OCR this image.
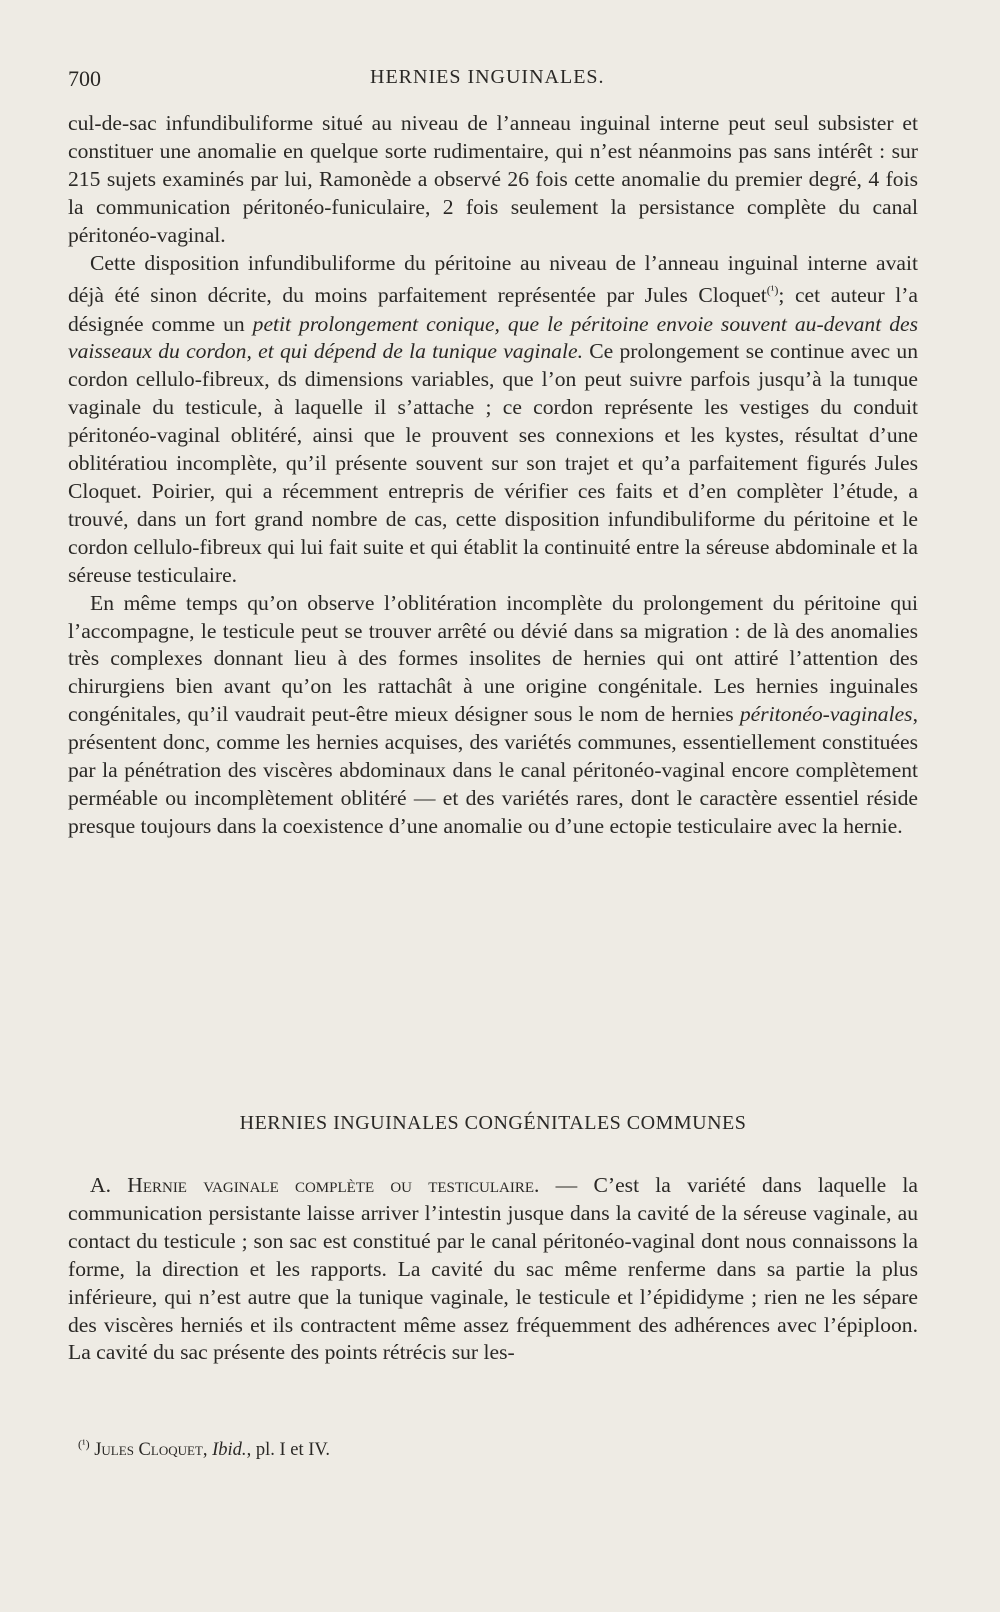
700	HERNIES INGUINALES.

cul-de-sac infundibuliforme situé au niveau de l’anneau inguinal interne peut seul subsister et constituer une anomalie en quelque sorte rudimentaire, qui n’est néanmoins pas sans intérêt : sur 215 sujets examinés par lui, Ramonède a observé 26 fois cette anomalie du premier degré, 4 fois la communication péritonéo-funiculaire, 2 fois seulement la persistance complète du canal péritonéo-vaginal.

Cette disposition infundibuliforme du péritoine au niveau de l’anneau inguinal interne avait déjà été sinon décrite, du moins parfaitement représentée par Jules Cloquet$^{(^1)}$; cet auteur l’a désignée comme un petit prolongement conique, que le péritoine envoie souvent au-devant des vaisseaux du cordon, et qui dépend de la tunique vaginale. Ce prolongement se continue avec un cordon cellulo-fibreux, ds dimensions variables, que l’on peut suivre parfois jusqu’à la tunıque vaginale du testicule, à laquelle il s’attache ; ce cordon représente les vestiges du conduit péritonéo-vaginal oblitéré, ainsi que le prouvent ses connexions et les kystes, résultat d’une oblitératiou incomplète, qu’il présente souvent sur son trajet et qu’a parfaitement figurés Jules Cloquet. Poirier, qui a récemment entrepris de vérifier ces faits et d’en complèter l’étude, a trouvé, dans un fort grand nombre de cas, cette disposition infundibuliforme du péritoine et le cordon cellulo-fibreux qui lui fait suite et qui établit la continuité entre la séreuse abdominale et la séreuse testiculaire.

En même temps qu’on observe l’oblitération incomplète du prolongement du péritoine qui l’accompagne, le testicule peut se trouver arrêté ou dévié dans sa migration : de là des anomalies très complexes donnant lieu à des formes insolites de hernies qui ont attiré l’attention des chirurgiens bien avant qu’on les rattachât à une origine congénitale. Les hernies inguinales congénitales, qu’il vaudrait peut-être mieux désigner sous le nom de hernies péritonéo-vaginales, présentent donc, comme les hernies acquises, des variétés communes, essentiellement constituées par la pénétration des viscères abdominaux dans le canal péritonéo-vaginal encore complètement perméable ou incomplètement oblitéré — et des variétés rares, dont le caractère essentiel réside presque toujours dans la coexistence d’une anomalie ou d’une ectopie testiculaire avec la hernie.

HERNIES INGUINALES CONGÉNITALES COMMUNES

A. Hernie vaginale complète ou testiculaire. — C’est la variété dans laquelle la communication persistante laisse arriver l’intestin jusque dans la cavité de la séreuse vaginale, au contact du testicule ; son sac est constitué par le canal péritonéo-vaginal dont nous connaissons la forme, la direction et les rapports. La cavité du sac même renferme dans sa partie la plus inférieure, qui n’est autre que la tunique vaginale, le testicule et l’épididyme ; rien ne les sépare des viscères herniés et ils contractent même assez fréquemment des adhérences avec l’épiploon. La cavité du sac présente des points rétrécis sur les-

$^{(^1)}$ Jules Cloquet, Ibid., pl. I et IV.
